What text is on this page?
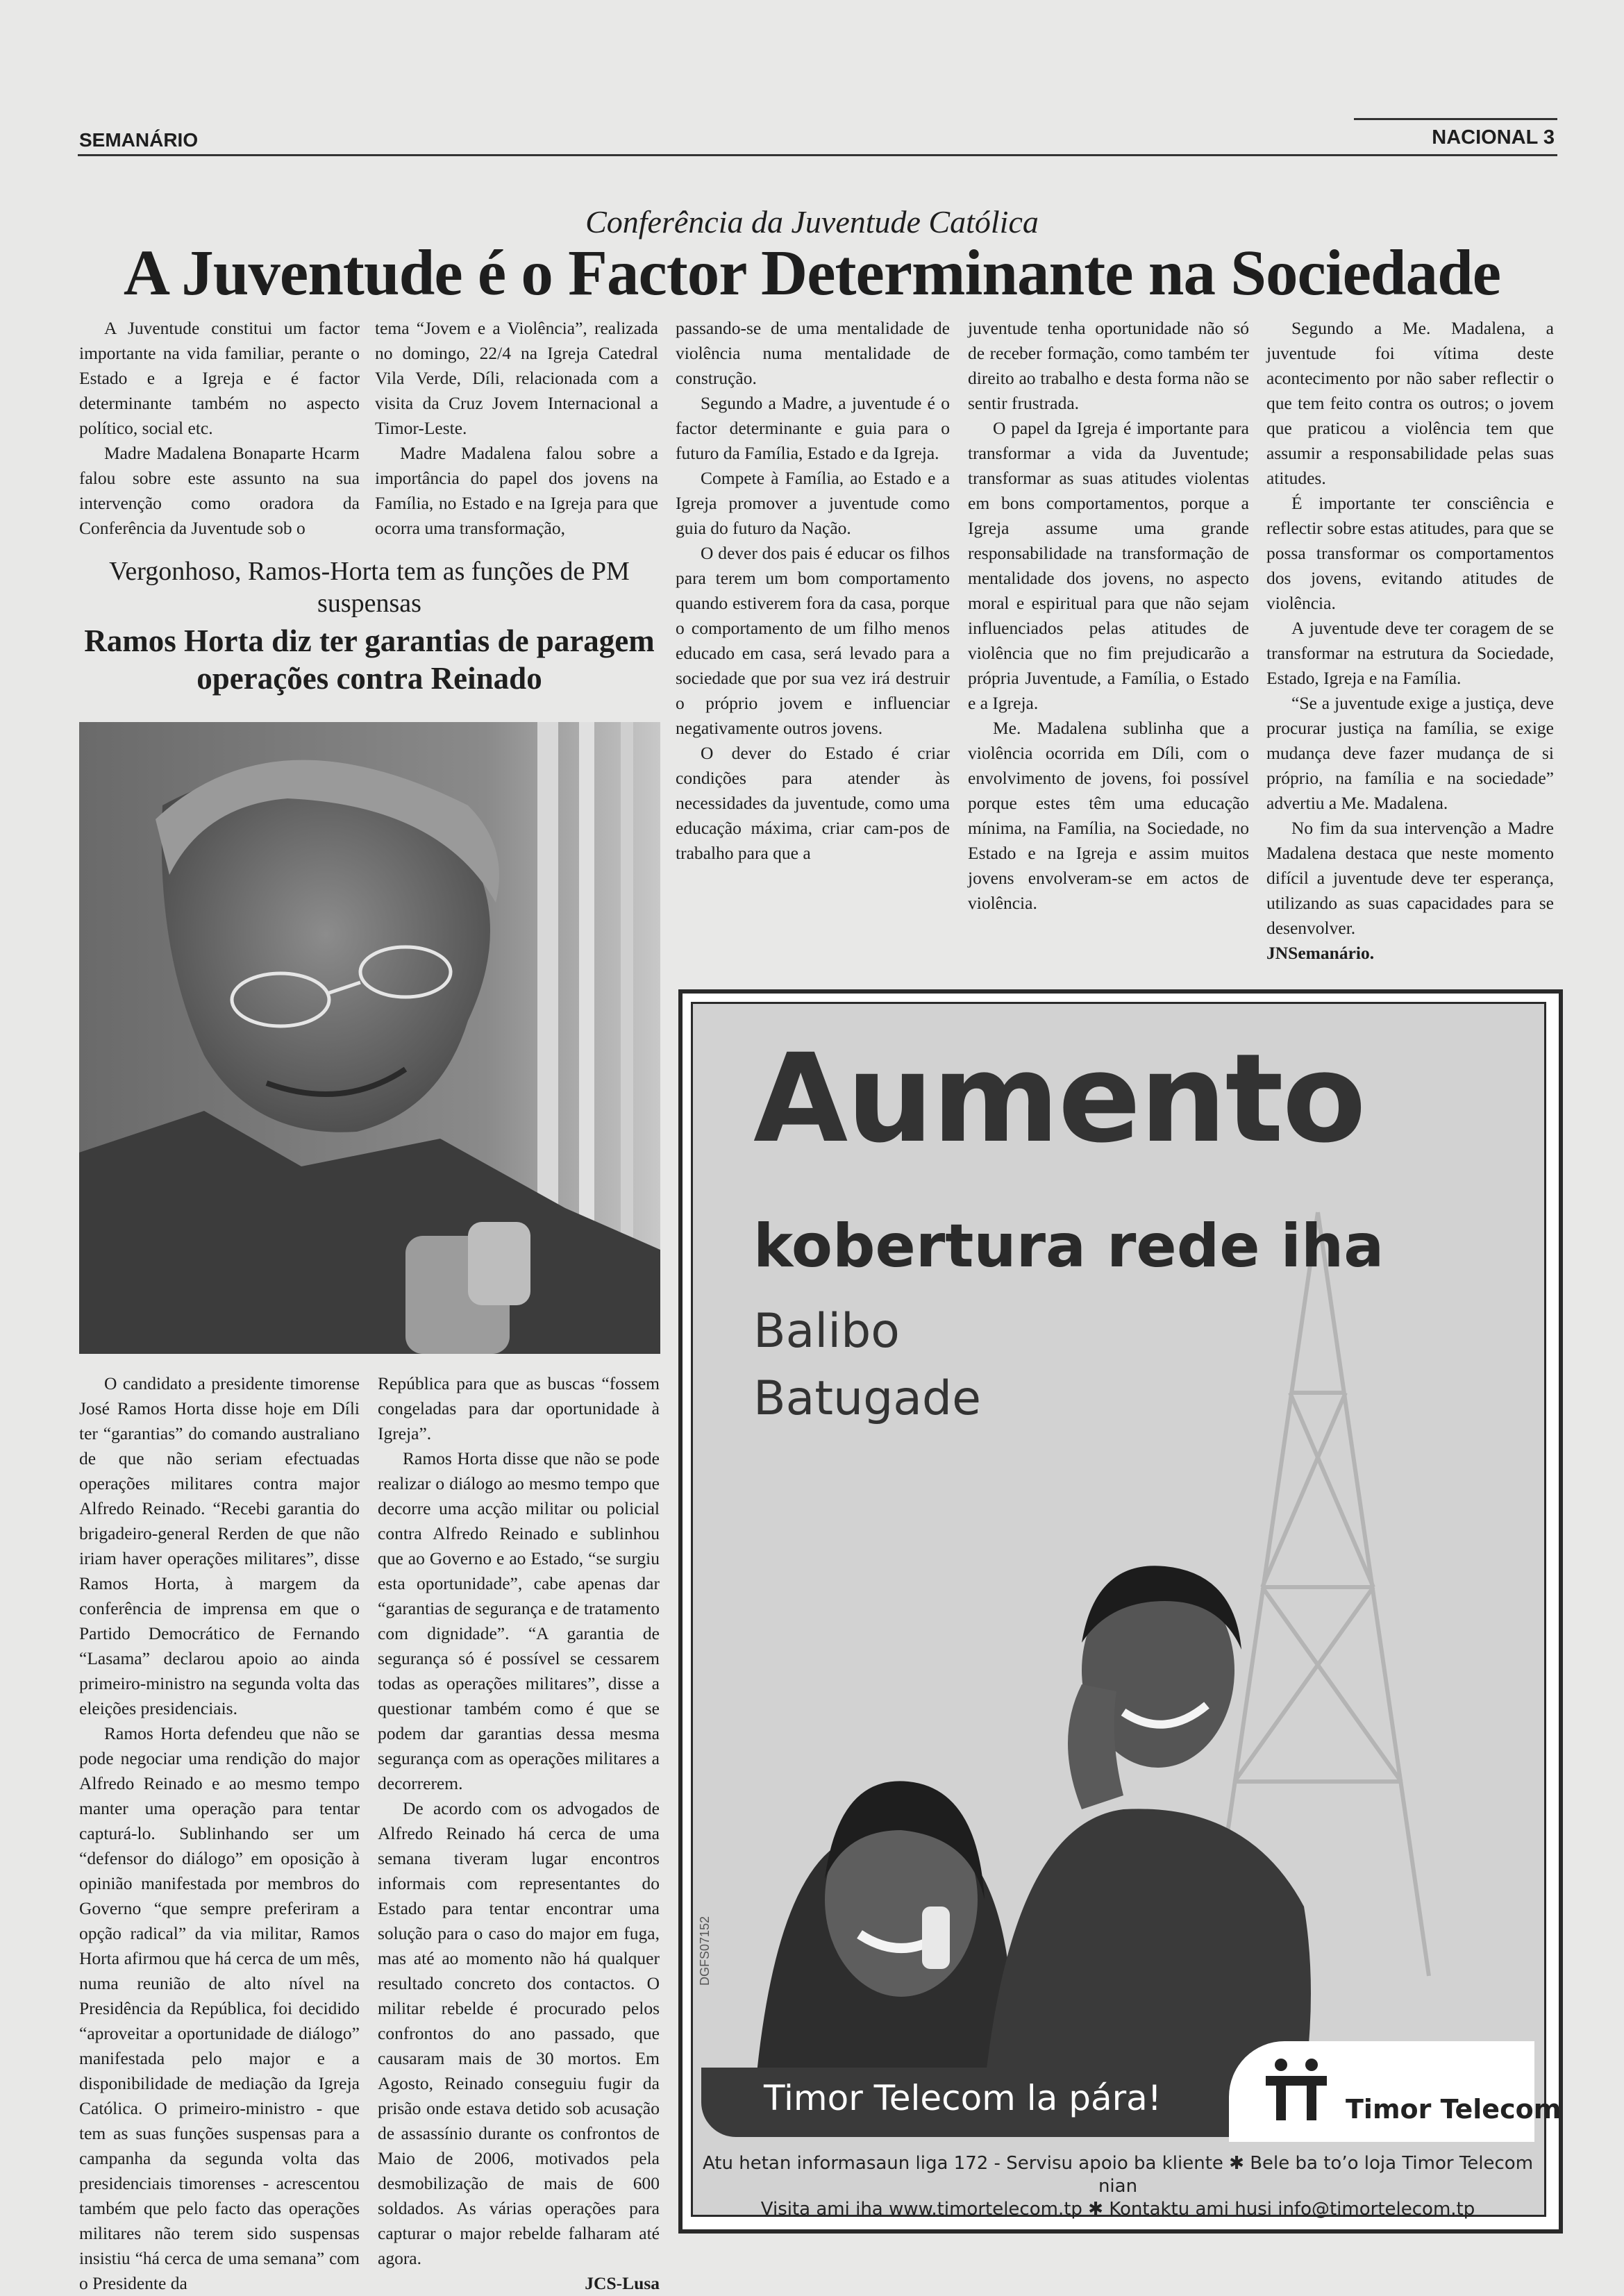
SEMANÁRIO	NACIONAL 3
Conferência da Juventude Católica
A Juventude é o Factor Determinante na Sociedade

A Juventude constitui um factor importante na vida familiar, perante o Estado e a Igreja e é factor determinante também no aspecto político, social etc.

Madre Madalena Bonaparte Hcarm falou sobre este assunto na sua intervenção como oradora da Conferência da Juventude sob o

tema “Jovem e a Violência”, realizada no domingo, 22/4 na Igreja Catedral Vila Verde, Díli, relacionada com a visita da Cruz Jovem Internacional a Timor-Leste.

Madre Madalena falou sobre a importância do papel dos jovens na Família, no Estado e na Igreja para que ocorra uma transformação,

passando-se de uma mentalidade de violência numa mentalidade de construção.

Segundo a Madre, a juventude é o factor determinante e guia para o futuro da Família, Estado e da Igreja.

Compete à Família, ao Estado e a Igreja promover a juventude como guia do futuro da Nação.

O dever dos pais é educar os filhos para terem um bom comportamento quando estiverem fora da casa, porque o comportamento de um filho menos educado em casa, será levado para a sociedade que por sua vez irá destruir o próprio jovem e influenciar negativamente outros jovens.

O dever do Estado é criar condições para atender às necessidades da juventude, como uma educação máxima, criar cam-pos de trabalho para que a

juventude tenha oportunidade não só de receber formação, como também ter direito ao trabalho e desta forma não se sentir frustrada.

O papel da Igreja é importante para transformar a vida da Juventude; transformar as suas atitudes violentas em bons comportamentos, porque a Igreja assume uma grande responsabilidade na transformação de mentalidade dos jovens, no aspecto moral e espiritual para que não sejam influenciados pelas atitudes de violência que no fim prejudicarão a própria Juventude, a Família, o Estado e a Igreja.

Me. Madalena sublinha que a violência ocorrida em Díli, com o envolvimento de jovens, foi possível porque estes têm uma educação mínima, na Família, na Sociedade, no Estado e na Igreja e assim muitos jovens envolveram-se em actos de violência.

Segundo a Me. Madalena, a juventude foi vítima deste acontecimento por não saber reflectir o que tem feito contra os outros; o jovem que praticou a violência tem que assumir a responsabilidade pelas suas atitudes.

É importante ter consciência e reflectir sobre estas atitudes, para que se possa transformar os comportamentos dos jovens, evitando atitudes de violência.

A juventude deve ter coragem de se transformar na estrutura da Sociedade, Estado, Igreja e na Família.

“Se a juventude exige a justiça, deve procurar justiça na família, se exige mudança deve fazer mudança de si próprio, na família e na sociedade” advertiu a Me. Madalena.

No fim da sua intervenção a Madre Madalena destaca que neste momento difícil a juventude deve ter esperança, utilizando as suas capacidades para se desenvolver.

JNSemanário.

Vergonhoso, Ramos-Horta tem as funções de PM suspensas
Ramos Horta diz ter garantias de paragem operações contra Reinado

O candidato a presidente timorense José Ramos Horta disse hoje em Díli ter “garantias” do comando australiano de que não seriam efectuadas operações militares contra major Alfredo Reinado. “Recebi garantia do brigadeiro-general Rerden de que não iriam haver operações militares”, disse Ramos Horta, à margem da conferência de imprensa em que o Partido Democrático de Fernando “Lasama” declarou apoio ao ainda primeiro-ministro na segunda volta das eleições presidenciais.

Ramos Horta defendeu que não se pode negociar uma rendição do major Alfredo Reinado e ao mesmo tempo manter uma operação para tentar capturá-lo. Sublinhando ser um “defensor do diálogo” em oposição à opinião manifestada por membros do Governo “que sempre preferiram a opção radical” da via militar, Ramos Horta afirmou que há cerca de um mês, numa reunião de alto nível na Presidência da República, foi decidido “aproveitar a oportunidade de diálogo” manifestada pelo major e a disponibilidade de mediação da Igreja Católica. O primeiro-ministro - que tem as suas funções suspensas para a campanha da segunda volta das presidenciais timorenses - acrescentou também que pelo facto das operações militares não terem sido suspensas insistiu “há cerca de uma semana” com o Presidente da

República para que as buscas “fossem congeladas para dar oportunidade à Igreja”.

Ramos Horta disse que não se pode realizar o diálogo ao mesmo tempo que decorre uma acção militar ou policial contra Alfredo Reinado e sublinhou que ao Governo e ao Estado, “se surgiu esta oportunidade”, cabe apenas dar “garantias de segurança e de tratamento com dignidade”. “A garantia de segurança só é possível se cessarem todas as operações militares”, disse a questionar também como é que se podem dar garantias dessa mesma segurança com as operações militares a decorrerem.

De acordo com os advogados de Alfredo Reinado há cerca de uma semana tiveram lugar encontros informais com representantes do Estado para tentar encontrar uma solução para o caso do major em fuga, mas até ao momento não há qualquer resultado concreto dos contactos. O militar rebelde é procurado pelos confrontos do ano passado, que causaram mais de 30 mortos. Em Agosto, Reinado conseguiu fugir da prisão onde estava detido sob acusação de assassínio durante os confrontos de Maio de 2006, motivados pela desmobilização de mais de 600 soldados. As várias operações para capturar o major rebelde falharam até agora.

JCS-Lusa

Aumento
kobertura rede iha
Balibo
Batugade
DGFS07152
Timor Telecom la pára!	Timor Telecom
Atu hetan informasaun liga 172 - Servisu apoio ba kliente ✱ Bele ba to’o loja Timor Telecom nian
Visita ami iha www.timortelecom.tp ✱ Kontaktu ami husi info@timortelecom.tp
